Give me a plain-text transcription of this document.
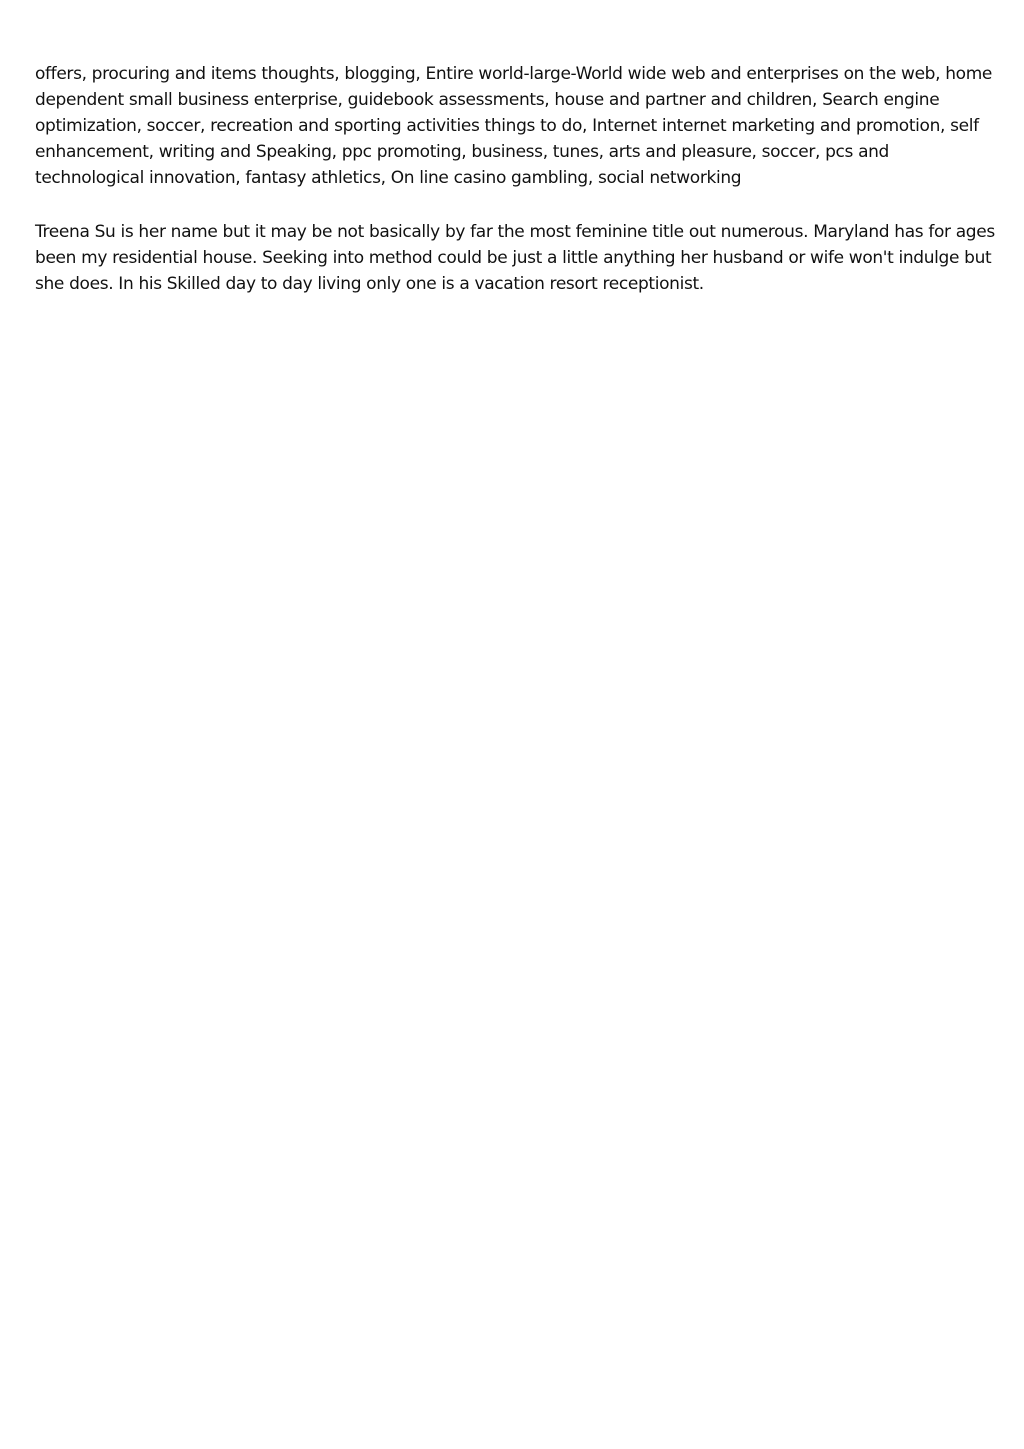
offers, procuring and items thoughts, blogging, Entire world-large-World wide web and enterprises on the web, home dependent small business enterprise, guidebook assessments, house and partner and children, Search engine optimization, soccer, recreation and sporting activities things to do, Internet internet marketing and promotion, self enhancement, writing and Speaking, ppc promoting, business, tunes, arts and pleasure, soccer, pcs and technological innovation, fantasy athletics, On line casino gambling, social networking

Treena Su is her name but it may be not basically by far the most feminine title out numerous. Maryland has for ages been my residential house. Seeking into method could be just a little anything her husband or wife won't indulge but she does. In his Skilled day to day living only one is a vacation resort receptionist.
